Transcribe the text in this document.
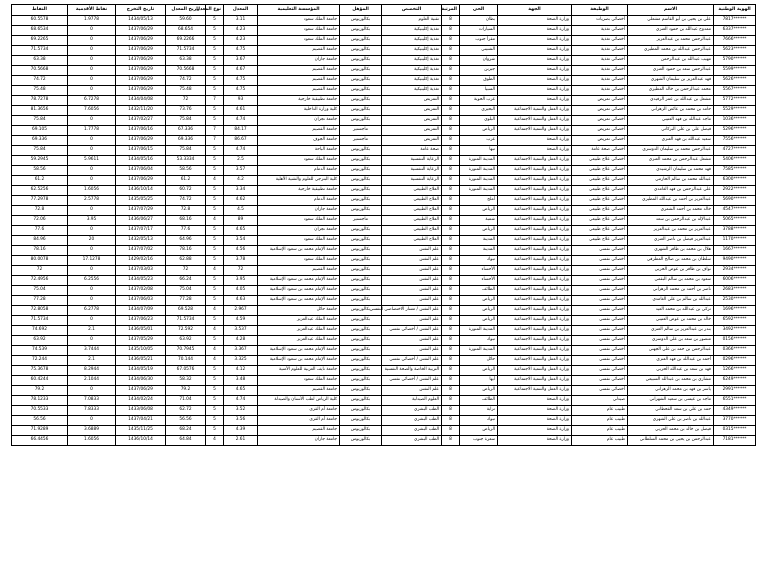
الهوية الوطنية	الاسم	الوظيفة	الجهة	الحي	المرتبة	التخصص	المؤهل	المؤسسة التعليمية	المعدل	نوع المعدل	تاريخ المعدل	تاريخ التخرج	نقاط الأقدمية	النقاط
7817******	علي بن يحيى بن أبو القاسم مشعلي	أخصائي بصريات	وزارة الصحة	بطان	8	تقنية العلوم	بكالوريوس	جامعة الملك سعود	3.11	5	59.60	1434/05/13	1.9778	60.5578
6337******	ممدوح عبدالله بن حمود العنزي	أخصائي تغذية	وزارة الصحة	السيارات	8	تغذية إكلينيكية	بكالوريوس	جامعة الملك سعود	4.23	5	68.654	1437/06/29	0	68.6534
7666******	عبدالرحمن محمد بن عبدالعزيز	أخصائي تغذية	وزارة الصحة	مقرأ جنوب	8	تغذية إكلينيكية	بكالوريوس	جامعة الملك سعود	4.23	5	69.2266	1437/06/29	0	69.2265
5623******	عبدالرحمن عبدالله بن محمد المطيري	أخصائي تغذية	وزارة الصحة	الشنيني	8	تغذية إكلينيكية	بكالوريوس	جامعة القصيم	4.75	5	71.5734	1437/06/29	0	71.5734
5790******	مهيب عبدالله بن عبدالرحمن	أخصائي تغذية	وزارة الصحة	شروان	8	تغذية إكلينيكية	بكالوريوس	جامعة جازان	3.67	5	63.38	1437/06/29	0	63.38
5599******	عبدالرحمن سعد بن حمود العنزي	أخصائي تغذية	وزارة الصحة	جبرنن	8	تغذية إكلينيكية	بكالوريوس	جامعة القصيم	4.67	5	70.5668	1437/06/29	0	70.5668
5626******	فهد عبدالعزيز بن سليمان الشهري	أخصائي تغذية	وزارة الصحة	الطوق	8	تغذية إكلينيكية	بكالوريوس	جامعة القصيم	4.75	5	74.72	1437/06/29	0	74.72
5567******	محمد عبدالرحمن بن خالد المطيري	أخصائي تغذية	وزارة الصحة	السبيا	8	تغذية إكلينيكية	بكالوريوس	جامعة القصيم	4.75	5	75.48	1437/06/29	0	75.48
5772******	مشعل بن عبدالله بن عمر الرفيدي	أخصائي تمريض	وزارة الصحة	غرب الحوية	8	التمريض	بكالوريوس	جامعة تطبيقية خارجية	93	7	72	1434/04/08	6.7278	78.7278
5529******	حامد بن محمد بن عائض الزهراني	أخصائي تمريض	وزارة العمل والتنمية الاجتماعية	البحيري	8	التمريض	بكالوريوس	كلية وزارة الداخلية	4.61	5	73.76	1432/11/20	7.6056	81.3656
1036******	ماجد عبدالله بن فهد العتيبي	أخصائي تمريض	وزارة العمل والتنمية الاجتماعية	البلوي	8	التمريض	بكالوريوس	جامعة نجران	4.74	5	75.84	1437/02/27	0	75.84
5296******	فيصل علي بن علي البركاتي	أخصائي تمريض	وزارة العمل والتنمية الاجتماعية	الرياض	8	التمريض	ماجستير	جامعة القصيم	84.17	7	67.336	1437/06/16	1.7778	69.105
7556******	سعيد عبدالله بن فهد العنزي	أخصائي تمريض	وزارة الصحة	غرب	8	التمريض	ماجستير	جامعة الجوف	86.67	7	69.336	1437/06/29	0	69.336
4727******	عبدالرحمن محمد بن سليمان الدوسري	أخصائي صحة عامة	وزارة الصحة	تبها	8	صحة عامة	بكالوريوس	جامعة الباحة	4.74	5	75.84	1437/06/15	0	75.84
5406******	مشعل عبدالرحمن بن محمد العنزي	أخصائي علاج طبيعي	وزارة العمل والتنمية الاجتماعية	المدينة المنورة	8	الرعاية التنفسية	بكالوريوس	جامعة الملك سعود	2.5	5	53.3334	1434/05/16	5.9611	59.2945
7585******	فهد محمد بن سليمان الرشيدي	أخصائي علاج طبيعي	وزارة العمل والتنمية الاجتماعية	المدينة المنورة	8	الرعاية التنفسية	بكالوريوس	جامعة الدمام	3.57	5	58.56	1437/06/04	0	58.56
6300******	عبدالله محمد بن سالم الحازمي	أخصائي علاج طبيعي	وزارة العمل والتنمية الاجتماعية	المدينة المنورة	8	الرعاية التنفسية	بكالوريوس	كلية البترجي للعلوم والتقنية الأهلية	4.2	4	61.2	1437/06/29	0	61.2
2922******	علي عبدالرحمن بن فهد الغامدي	أخصائي علاج طبيعي	وزارة العمل والتنمية الاجتماعية	المدينة المنورة	8	العلاج الطبيعي	بكالوريوس	جامعة تطبيقية خارجية	3.34	5	60.72	1436/10/14	1.6056	62.5256
5690******	عبدالعزيز بن أحمد بن عبدالله المطيري	أخصائي علاج طبيعي	وزارة العمل والتنمية الاجتماعية	أملج	8	العلاج الطبيعي	بكالوريوس	جامعة الدمام	4.62	5	74.72	1435/05/25	2.5778	77.2978
4547******	خالد محمد بن أحمد الشمري	أخصائي علاج طبيعي	وزارة العمل والتنمية الاجتماعية	الرياض	8	العلاج الطبيعي	بكالوريوس	جامعة جازان	4.5	5	72.8	1437/07/29	0	72.8
5065******	عبدالإله بن عبدالرحمن بن سعد	أخصائي علاج طبيعي	وزارة العمل والتنمية الاجتماعية	شمبة	8	العلاج الطبيعي	ماجستير	جامعة الملك سعود	89	4	68.16	1436/06/27	3.95	72.06
3788******	عبدالعزيز بن محمد بن عبدالعزيز	أخصائي علاج طبيعي	وزارة العمل والتنمية الاجتماعية	الرياض	8	العلاج الطبيعي	بكالوريوس	جامعة نجران	4.65	5	77.6	1437/07/17	0	77.6
1170******	عبدالعزيز فيصل بن ناصر العنزي	أخصائي علاج طبيعي	وزارة العمل والتنمية الاجتماعية	المدينة	8	العلاج الطبيعي	بكالوريوس	جامعة الملك سعود	3.54	5	64.96	1432/05/13	20	84.96
1667******	هلال بن محمد بن ظافر الشهري	أخصائي نفسي	وزارة العمل والتنمية الاجتماعية	المدينة	8	علم النفس	بكالوريوس	جامعة الإمام محمد بن سعود الإسلامية	4.56	5	78.16	1437/07/02	0	78.16
9490******	سلطان بن محمد بن صالح المطرفي	أخصائي نفسي	وزارة العمل والتنمية الاجتماعية	تبوك	8	علم النفس	بكالوريوس	جامعة الملك سعود	3.78	5	62.88	1429/02/16	17.1278	80.0078
2934******	نواف بن ظافر بن عوض الحربي	أخصائي نفسي	وزارة العمل والتنمية الاجتماعية	الأحساء	8	علم النفس	بكالوريوس	جامعة القصيم	72	4	72	1437/03/03	0	72
6006******	سعود بن محمد بن سالم البقمي	أخصائي نفسي	وزارة العمل والتنمية الاجتماعية	الأحساء	8	علم النفس	بكالوريوس	جامعة الإمام محمد بن سعود الإسلامية	3.95	5	66.24	1434/05/23	6.2556	72.4956
2683******	ناصر بن أحمد بن محمد الزهراني	أخصائي نفسي	وزارة العمل والتنمية الاجتماعية	الطائف	8	علم النفس	بكالوريوس	جامعة الإمام محمد بن سعود الإسلامية	4.05	5	75.04	1437/02/08	0	75.04
2530******	عبدالله بن سالم بن علي الغامدي	أخصائي نفسي	وزارة العمل والتنمية الاجتماعية	الرياض	8	علم النفس	بكالوريوس	جامعة الإمام محمد بن سعود الإسلامية	4.63	5	77.28	1437/06/03	0	77.28
1696******	تركي بن عبدالله بن محمد العيد	أخصائي نفسي	وزارة العمل والتنمية الاجتماعية	الرياض	8	علم النفس / مسار الاختصاصي النفسي	بكالوريوس	جامعة حائل	2.967	4	69.528	1434/07/09	6.2778	72.8058
6592******	خالد بن محمد بن عوض العتيبي	أخصائي نفسي	وزارة العمل والتنمية الاجتماعية	الرياض	8	علم النفس	بكالوريوس	جامعة الملك عبدالعزيز	4.59	5	71.5734	1437/06/23	0	71.5734
3492******	بندر بن عبدالعزيز بن سالم العنزي	أخصائي نفسي	وزارة العمل والتنمية الاجتماعية	المدينة المنورة	8	علم النفس / أخصائي نفسي	بكالوريوس	جامعة الملك عبدالعزيز	3.537	4	72.592	1436/05/01	2.1	74.692
0156******	منصور بن سعد بن علي الدوسري	أخصائي نفسي	وزارة العمل والتنمية الاجتماعية	تبوك	8	علم النفس	بكالوريوس	جامعة الملك عبدالعزيز	4.28	5	63.92	1437/05/29	0	63.92
0366******	عبدالرحمن بن حمد بن علي الجهني	أخصائي نفسي	وزارة العمل والتنمية الاجتماعية	المدينة المنورة	8	علم النفس	بكالوريوس	جامعة الإمام محمد بن سعود الإسلامية	3.367	4	70.7945	1435/10/05	3.7444	74.539
0296******	أحمد بن عبدالله بن فهد العنزي	أخصائي نفسي	وزارة العمل والتنمية الاجتماعية	حائل	8	علم النفس / أخصائي نفسي	بكالوريوس	جامعة الإمام محمد بن سعود الإسلامية	3.325	4	70.144	1436/05/21	2.1	72.244
1266******	فهد بن سعد بن عبدالله الحربي	أخصائي نفسي	وزارة العمل والتنمية الاجتماعية	الرياض	8	التربية الخاصة والصحة النفسية	بكالوريوس	جامعة نايف العربية للعلوم الأمنية	4.12	5	67.0576	1434/05/19	8.2944	75.3678
6249******	مشاري بن محمد بن عبدالله السبيعي	أخصائي نفسي	وزارة العمل والتنمية الاجتماعية	أبها	8	علم النفس / أخصائي نفسي	بكالوريوس	جامعة الملك سعود	3.48	5	58.32	1434/06/30	2.1044	60.4244
2991******	ياسر بن فهد بن محمد الزهراني	أخصائي نفسي	وزارة العمل والتنمية الاجتماعية	الرياض	8	علم النفس	بكالوريوس	جامعة القصيم	4.65	5	79.2	1437/06/29	0	79.2
6551******	ماجد بن عيسى بن سعيد الشهراني	صيدلي	وزارة الصحة	الطائف	8	العلوم الصيدلية	بكالوريوس	كلية الرياض لطب الأسنان والصيدلة	4.74	5	71.04	1434/02/24	7.0833	78.1233
4349******	حمد بن علي بن سعد القحطاني	طبيب عام	وزارة الصحة	ترابة	8	الطب البشري	بكالوريوس	جامعة أم القرى	3.52	5	62.72	1433/06/08	7.8333	70.5533
3770******	عبدالله بن ناصر بن علي الشهري	طبيب عام	وزارة الصحة	تبوك	8	الطب البشري	بكالوريوس	جامعة أم القرى	3.56	5	56.56	1437/04/21	0	56.56
0315******	فيصل بن خالد بن محمد الحربي	طبيب عام	وزارة الصحة	الرياض	8	الطب البشري	بكالوريوس	جامعة القصيم	4.39	5	68.24	1435/11/25	3.6889	71.9289
7181******	عبدالرحمن بن يحيى بن محمد السلطاني	طبيب عام	وزارة الصحة	سعرة جنوب	8	الطب البشري	بكالوريوس	جامعة جازان	2.61	4	64.84	1436/10/14	1.6056	66.4456
